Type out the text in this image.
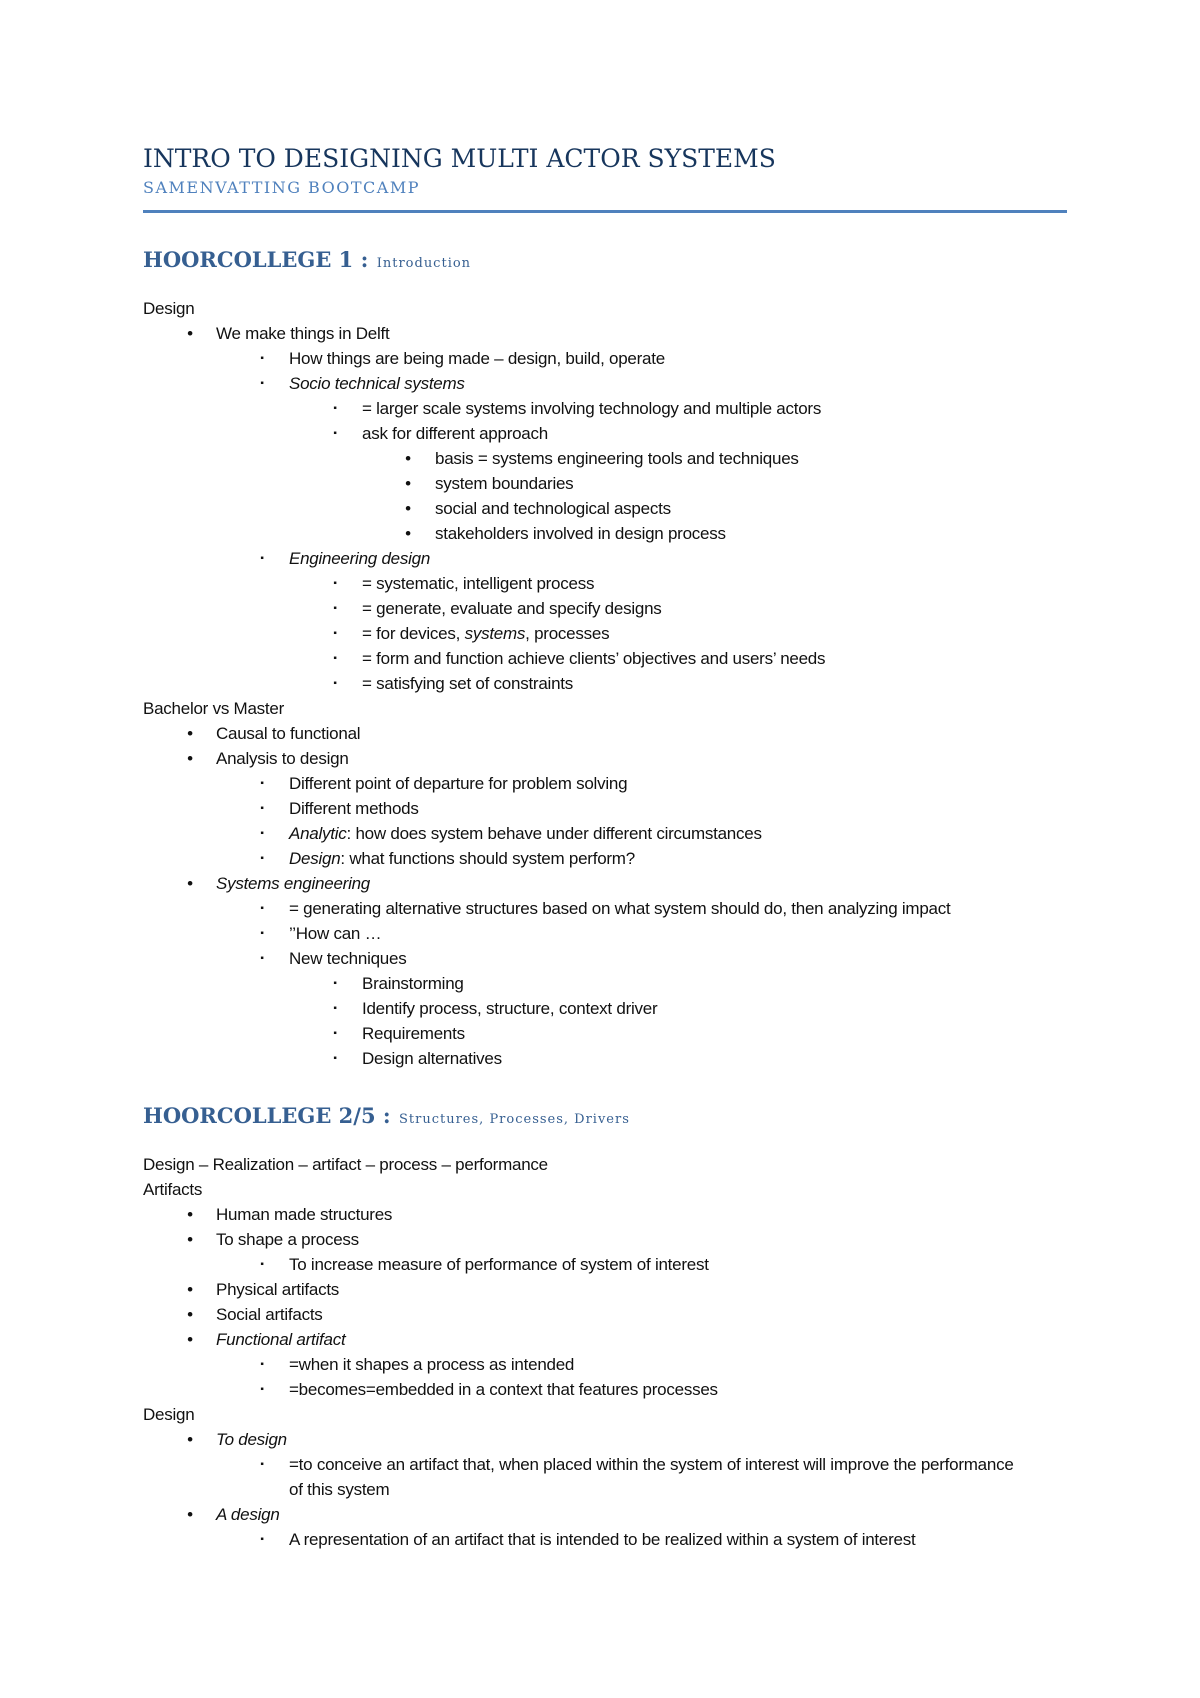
INTRO TO DESIGNING MULTI ACTOR SYSTEMS
SAMENVATTING BOOTCAMP
HOORCOLLEGE 1 : Introduction
Design
• We make things in Delft
▪	How things are being made – design, build, operate
▪	Socio technical systems
▪	= larger scale systems involving technology and multiple actors
▪	ask for different approach
• basis = systems engineering tools and techniques
• system boundaries
• social and technological aspects
• stakeholders involved in design process
▪	Engineering design
▪	= systematic, intelligent process
▪	= generate, evaluate and specify designs
▪	= for devices, systems, processes
▪	= form and function achieve clients’ objectives and users’ needs
▪	= satisfying set of constraints
Bachelor vs Master
• Causal to functional
• Analysis to design
▪	Different point of departure for problem solving
▪	Different methods
▪	Analytic: how does system behave under different circumstances
▪	Design: what functions should system perform?
• Systems engineering
▪	= generating alternative structures based on what system should do, then analyzing impact
▪	’’How can …
▪	New techniques
▪	Brainstorming
▪	Identify process, structure, context driver
▪	Requirements
▪	Design alternatives
HOORCOLLEGE 2/5 : Structures, Processes, Drivers
Design – Realization – artifact – process – performance
Artifacts
• Human made structures
• To shape a process
▪	To increase measure of performance of system of interest
• Physical artifacts
• Social artifacts
• Functional artifact
▪	=when it shapes a process as intended
▪	=becomes=embedded in a context that features processes
Design
• To design
▪	=to conceive an artifact that, when placed within the system of interest will improve the performance of this system
• A design
▪	A representation of an artifact that is intended to be realized within a system of interest
